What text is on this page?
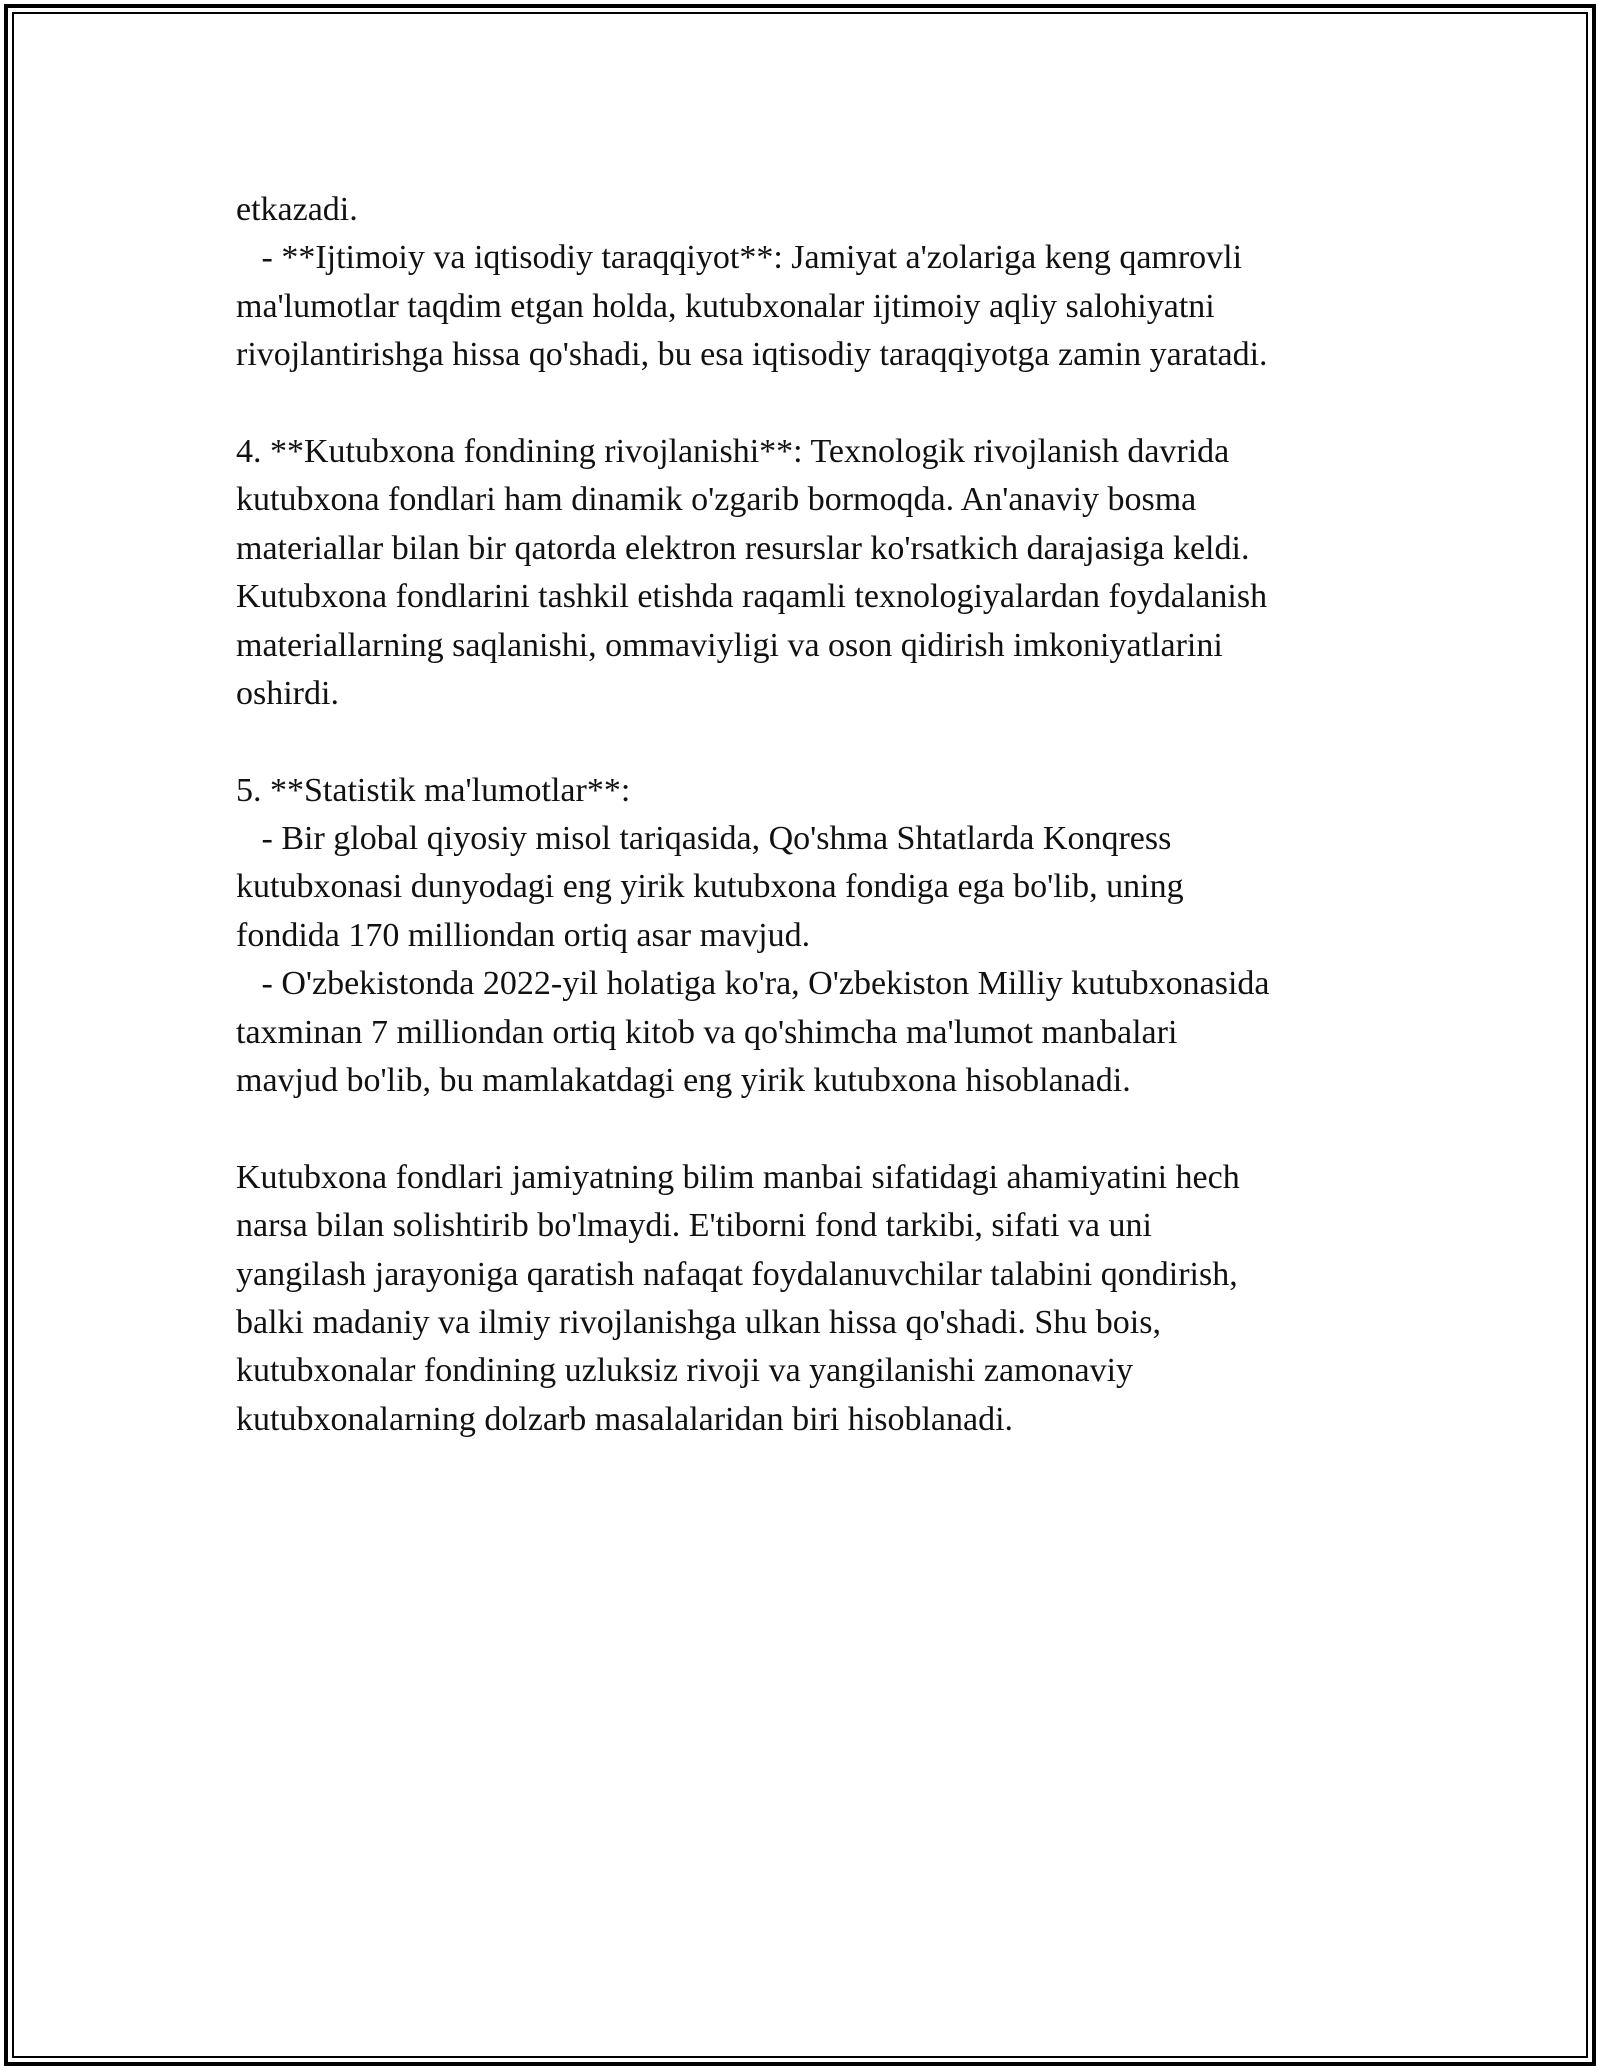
etkazadi.
- **Ijtimoiy va iqtisodiy taraqqiyot**: Jamiyat a'zolariga keng qamrovli
ma'lumotlar taqdim etgan holda, kutubxonalar ijtimoiy aqliy salohiyatni
rivojlantirishga hissa qo'shadi, bu esa iqtisodiy taraqqiyotga zamin yaratadi.
4. **Kutubxona fondining rivojlanishi**: Texnologik rivojlanish davrida
kutubxona fondlari ham dinamik o'zgarib bormoqda. An'anaviy bosma
materiallar bilan bir qatorda elektron resurslar ko'rsatkich darajasiga keldi.
Kutubxona fondlarini tashkil etishda raqamli texnologiyalardan foydalanish
materiallarning saqlanishi, ommaviyligi va oson qidirish imkoniyatlarini
oshirdi.
5. **Statistik ma'lumotlar**:
- Bir global qiyosiy misol tariqasida, Qo'shma Shtatlarda Konqress
kutubxonasi dunyodagi eng yirik kutubxona fondiga ega bo'lib, uning
fondida 170 milliondan ortiq asar mavjud.
- O'zbekistonda 2022-yil holatiga ko'ra, O'zbekiston Milliy kutubxonasida
taxminan 7 milliondan ortiq kitob va qo'shimcha ma'lumot manbalari
mavjud bo'lib, bu mamlakatdagi eng yirik kutubxona hisoblanadi.
Kutubxona fondlari jamiyatning bilim manbai sifatidagi ahamiyatini hech
narsa bilan solishtirib bo'lmaydi. E'tiborni fond tarkibi, sifati va uni
yangilash jarayoniga qaratish nafaqat foydalanuvchilar talabini qondirish,
balki madaniy va ilmiy rivojlanishga ulkan hissa qo'shadi. Shu bois,
kutubxonalar fondining uzluksiz rivoji va yangilanishi zamonaviy
kutubxonalarning dolzarb masalalaridan biri hisoblanadi.
